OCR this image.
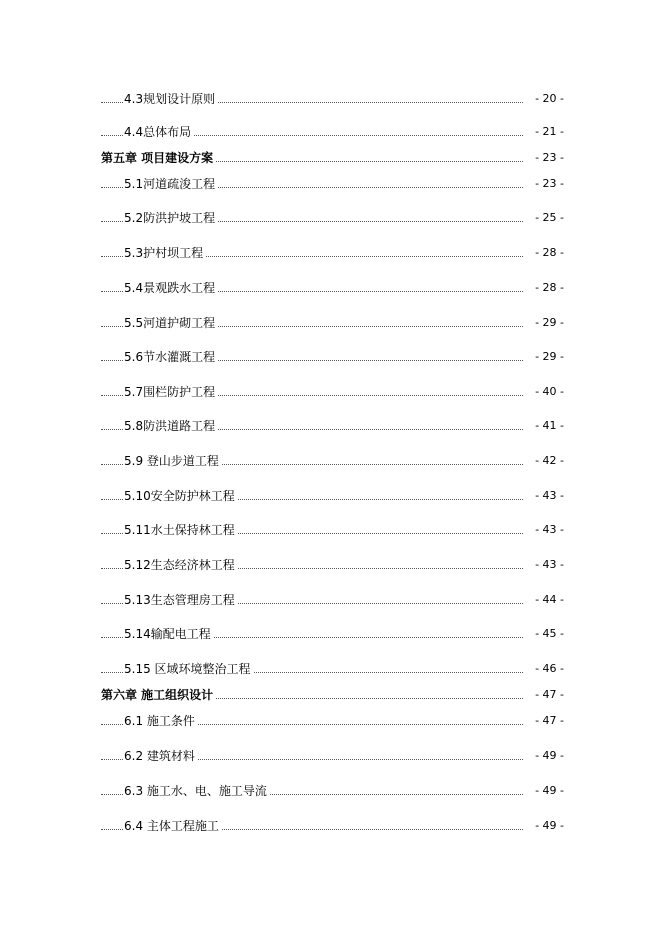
4.3规划设计原则	- 20 -
4.4总体布局	- 21 -
第五章 项目建设方案	- 23 -
5.1河道疏浚工程	- 23 -
5.2防洪护坡工程	- 25 -
5.3护村坝工程	- 28 -
5.4景观跌水工程	- 28 -
5.5河道护砌工程	- 29 -
5.6节水灌溉工程	- 29 -
5.7围栏防护工程	- 40 -
5.8防洪道路工程	- 41 -
5.9 登山步道工程	- 42 -
5.10安全防护林工程	- 43 -
5.11水土保持林工程	- 43 -
5.12生态经济林工程	- 43 -
5.13生态管理房工程	- 44 -
5.14输配电工程	- 45 -
5.15 区域环境整治工程	- 46 -
第六章 施工组织设计	- 47 -
6.1 施工条件	- 47 -
6.2 建筑材料	- 49 -
6.3 施工水、电、施工导流	- 49 -
6.4 主体工程施工	- 49 -
